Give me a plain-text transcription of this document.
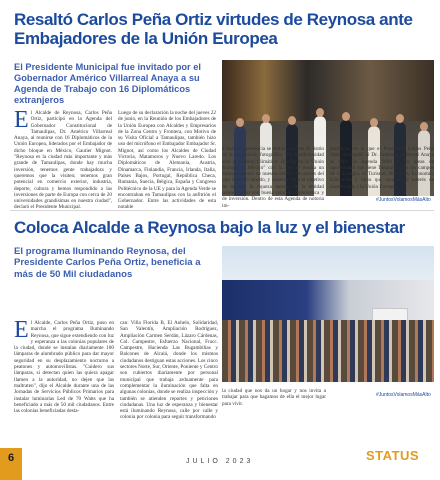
Resaltó Carlos Peña Ortiz virtudes de Reynosa ante Embajadores de la Unión Europea
El Presidente Municipal fue invitado por el Gobernador Américo Villarreal Anaya a su Agenda de Trabajo con 16 Diplomáticos extranjeros
El Alcalde de Reynosa, Carlos Peña Ortiz, participó en la Agenda del Gobernador Constitucional de Tamaulipas, Dr. Américo Villarreal Anaya, al reunirse con 16 Diplomáticos de la Unión Europea, liderados por el Embajador de dicho bloque en México, Gautier Mignot. "Reynosa es la ciudad más importante y más grande de Tamaulipas, donde hay mucha inversión, tenemos gente trabajadora y queremos que la visiten; tenemos gran potencial en comercio exterior, industria, deporte, cultura y hemos respondido a las inversiones de parte de Europa con cerca de 20 universidades grandísimas en nuestra ciudad", declaró el Presidente Municipal.
Luego de su declaración la noche del jueves 22 de junio, en la Reunión de los Embajadores de la Unión Europea con Alcaldes y Empresarios de la Zona Centro y Frontera, con Motivo de su Visita Oficial a Tamaulipas, también hizo uso del micrófono el Embajador Embajador Sr. Mignot, así como los Alcaldes de Ciudad Victoria, Matamoros y Nuevo Laredo. Los Diplomáticos de Alemania, Austria, Dinamarca, Finlandia, Francia, Irlanda, Italia, Países Bajos, Portugal, República Checa, Rumania, Suecia, Bélgica, España y Congreso Politécnico de la UE y para la Agenda Verde se encontraban en Tamaulipas con la anfitrión el Gobernador. Entre las actividades de esta notable
e histórica presencia se realizó el corte de listón de la exposición fotográfica "La Biodiversidad ante el Cambio Climático: Huellas en la Unión Europea y México" con la que se resalta un hermanamiento de nuestro estado con países del otro lado del mundo, y también tiene el objetivo de mostrar la riqueza natural de la entidad promoviendo una buena relación diplomática y de inversión. Dentro de esta Agenda de notoria im-
portancia, en la que el Presidente Carlos Peña Ortiz acompañó al Dr. Américo Villarreal Anaya se trató la Agenda 2030 y las áreas de oportunidad que tiene Tamaulipas en los campos de la Energía, el Turismo, Bienestar, Economía, Educación y otros que resaltan al interés de nuestro país y la Unión Europea.
#JuntosVolamosMásAlto
Coloca Alcalde a Reynosa bajo la luz y el bienestar
El programa Iluminando Reynosa, del Presidente Carlos Peña Ortiz, beneficia a más de 50 Mil ciudadanos
El Alcalde, Carlos Peña Ortiz, puso en marcha el programa Iluminando Reynosa, que sigue extendiendo con luz y esperanza a las colonias populares de la ciudad, donde se instalan diariamente 100 lámparas de alumbrado público para dar mayor seguridad en su desplazamiento nocturno a peatones y automovilistas. "Cuidero sus lámparas, si detectan quien las quiera apagar llamen a la autoridad, no dejen que las maltraten", dijo el Alcalde durante una de las Jornadas de Servicios Públicos Primarios para instalar luminarias Led de 70 Watts que ha beneficiado a más de 50 mil ciudadanos. Entre las colonias beneficiadas desta-
can: Villa Florida B, El Anhelo, Solidaridad, San Valentín, Ampliación Rodríguez, Ampliación Carmen Serdán, Lázaro Cárdenas, Col. Campestre, Esfuerzo Nacional, Fracc. Campestre, Hacienda Las Bugambilias y Balcones de Alcalá, donde los mismos ciudadanos destiguan estas acciones. Los cinco sectores Norte, Sur, Oriente, Poniente y Centro son cubiertos diariamente por personal municipal que trabaja arduamente para complementar la iluminación que falta en algunas colonias, donde se realiza inspección y también se atienden reportes y peticiones ciudadanas. Una luz de esperanza y bienestar está iluminando Reynosa, calle por calle y colonia por colonia para seguir transformando
la ciudad que nos da un hogar y nos invita a trabajar para que hagamos de ella el mejor lugar para vivir.
#JuntosVolamosMásAlto
6	JULIO 2023	STATUS
